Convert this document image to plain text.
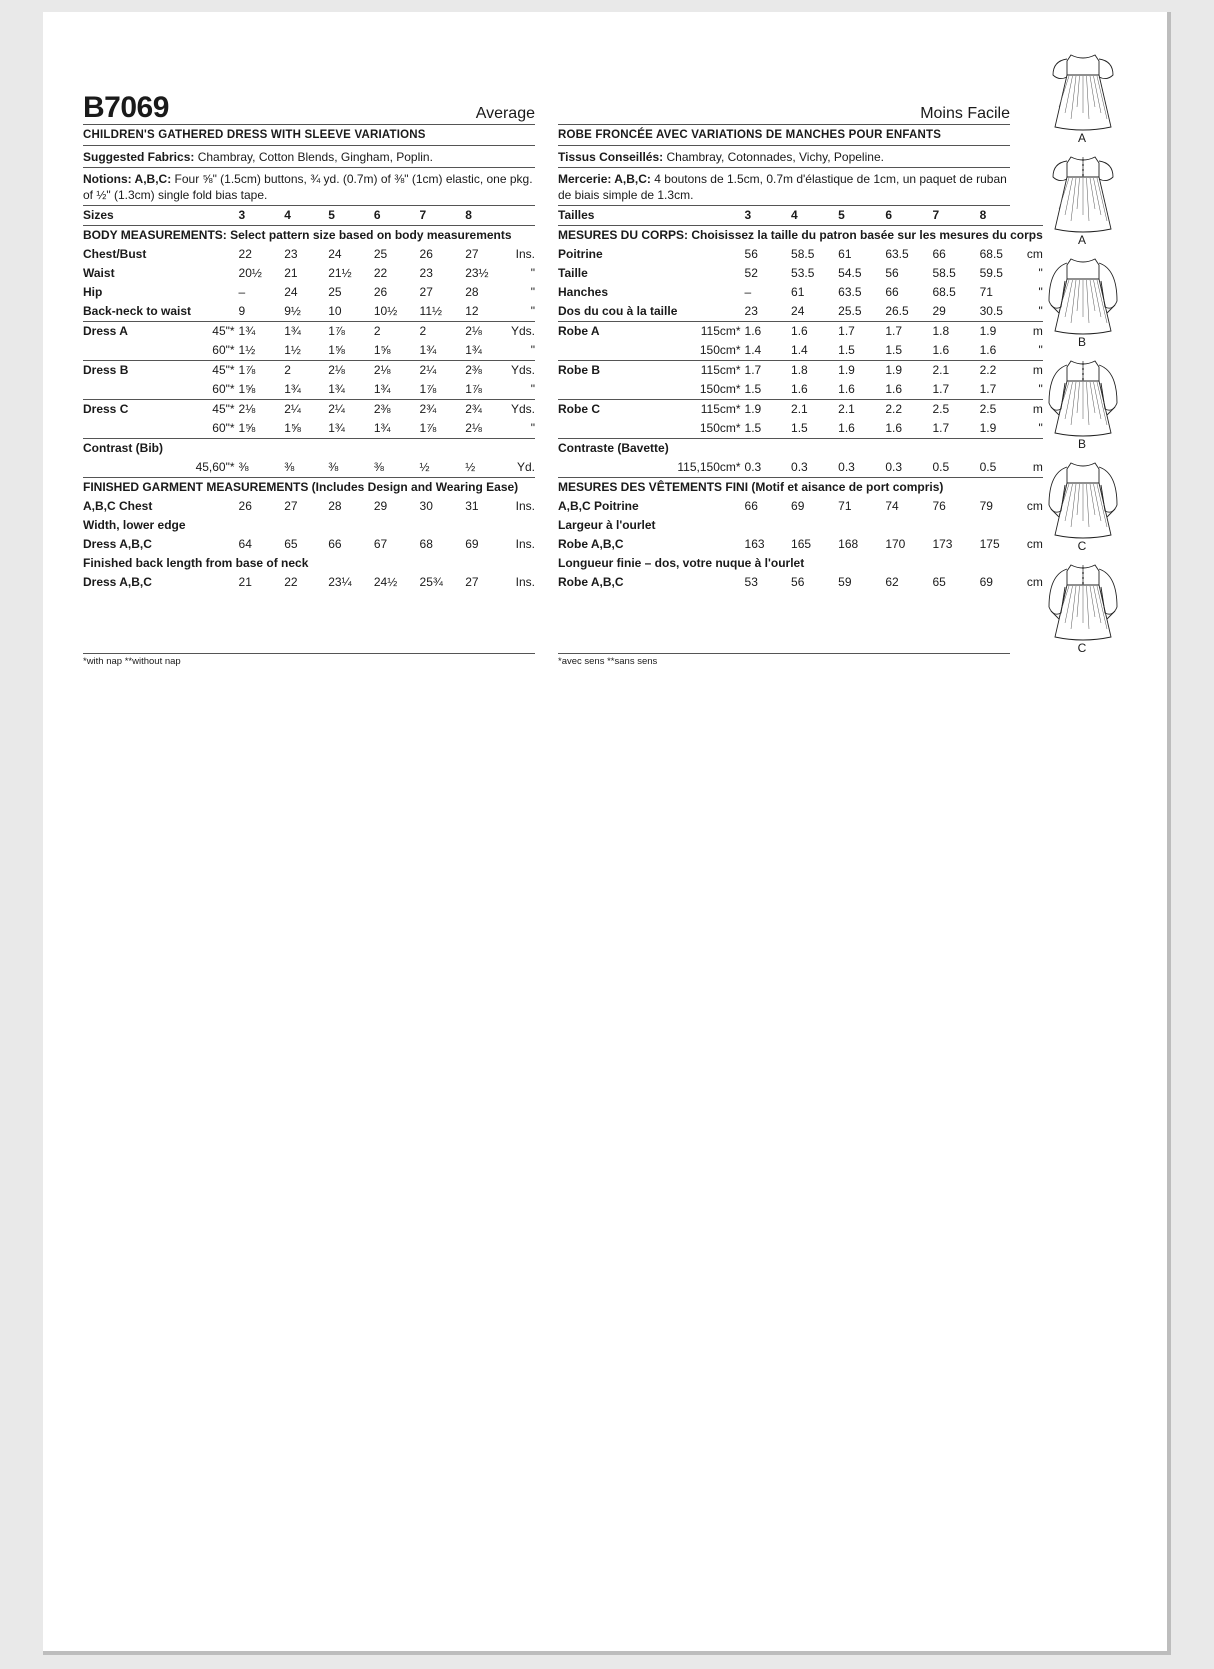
B7069	Average
CHILDREN'S GATHERED DRESS WITH SLEEVE VARIATIONS
Suggested Fabrics: Chambray, Cotton Blends, Gingham, Poplin.
Notions: A,B,C: Four ⅝" (1.5cm) buttons, ¾ yd. (0.7m) of ⅜" (1cm) elastic, one pkg. of ½" (1.3cm) single fold bias tape.
Sizes		3	4	5	6	7	8	
BODY MEASUREMENTS: Select pattern size based on body measurements								
Chest/Bust		22	23	24	25	26	27	Ins.
Waist		20½	21	21½	22	23	23½	"
Hip		–	24	25	26	27	28	"
Back-neck to waist		9	9½	10	10½	11½	12	"
Dress A	45"*	1¾	1¾	1⅞	2	2	2⅛	Yds.
	60"*	1½	1½	1⅝	1⅝	1¾	1¾	"
Dress B	45"*	1⅞	2	2⅛	2⅛	2¼	2⅜	Yds.
	60"*	1⅝	1¾	1¾	1¾	1⅞	1⅞	"
Dress C	45"*	2⅛	2¼	2¼	2⅜	2¾	2¾	Yds.
	60"*	1⅝	1⅝	1¾	1¾	1⅞	2⅛	"
Contrast (Bib)								
	45,60"*	⅜	⅜	⅜	⅜	½	½	Yd.
FINISHED GARMENT MEASUREMENTS (Includes Design and Wearing Ease)								
A,B,C Chest		26	27	28	29	30	31	Ins.
Width, lower edge								
Dress A,B,C		64	65	66	67	68	69	Ins.
Finished back length from base of neck								
Dress A,B,C		21	22	23¼	24½	25¾	27	Ins.
Moins Facile
ROBE FRONCÉE AVEC VARIATIONS DE MANCHES POUR ENFANTS
Tissus Conseillés: Chambray, Cotonnades, Vichy, Popeline.
Mercerie: A,B,C: 4 boutons de 1.5cm, 0.7m d'élastique de 1cm, un paquet de ruban de biais simple de 1.3cm.
Tailles		3	4	5	6	7	8	
MESURES DU CORPS: Choisissez la taille du patron basée sur les mesures du corps								
Poitrine		56	58.5	61	63.5	66	68.5	cm
Taille		52	53.5	54.5	56	58.5	59.5	"
Hanches		–	61	63.5	66	68.5	71	"
Dos du cou à la taille		23	24	25.5	26.5	29	30.5	"
Robe A	115cm*	1.6	1.6	1.7	1.7	1.8	1.9	m
	150cm*	1.4	1.4	1.5	1.5	1.6	1.6	"
Robe B	115cm*	1.7	1.8	1.9	1.9	2.1	2.2	m
	150cm*	1.5	1.6	1.6	1.6	1.7	1.7	"
Robe C	115cm*	1.9	2.1	2.1	2.2	2.5	2.5	m
	150cm*	1.5	1.5	1.6	1.6	1.7	1.9	"
Contraste (Bavette)								
	115,150cm*	0.3	0.3	0.3	0.3	0.5	0.5	m
MESURES DES VÊTEMENTS FINI (Motif et aisance de port compris)								
A,B,C Poitrine		66	69	71	74	76	79	cm
Largeur à l'ourlet								
Robe A,B,C		163	165	168	170	173	175	cm
Longueur finie – dos, votre nuque à l'ourlet								
Robe A,B,C		53	56	59	62	65	69	cm
*with nap **without nap	*avec sens **sans sens
A
A
B
B
C
C
